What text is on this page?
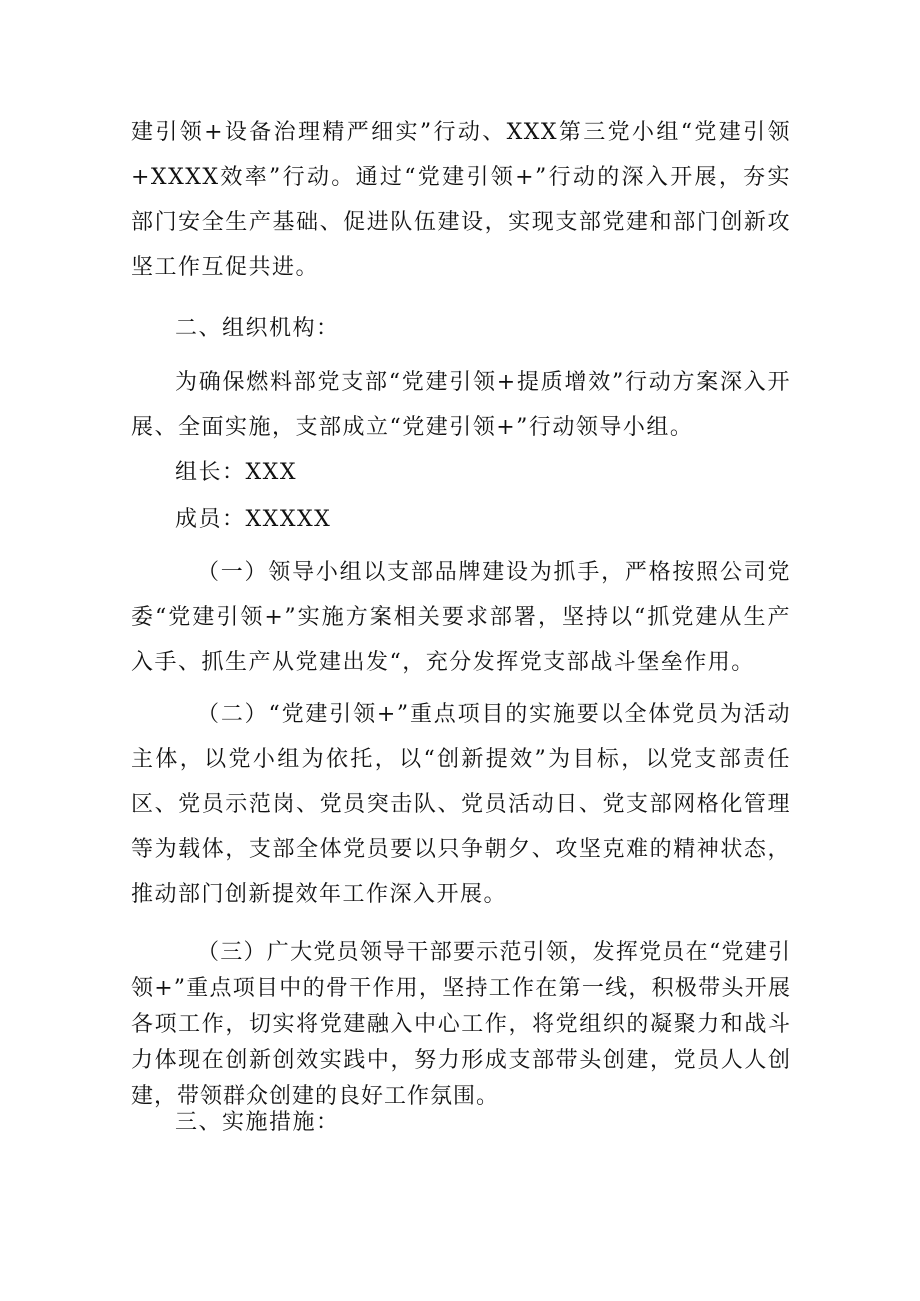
建引领+设备治理精严细实”行动、XXX第三党小组“党建引领+XXXX效率”行动。通过“党建引领+”行动的深入开展，夯实部门安全生产基础、促进队伍建设，实现支部党建和部门创新攻坚工作互促共进。

二、组织机构：

为确保燃料部党支部“党建引领+提质增效”行动方案深入开展、全面实施，支部成立“党建引领+”行动领导小组。

组长：XXX

成员：XXXXX

（一）领导小组以支部品牌建设为抓手，严格按照公司党委“党建引领+”实施方案相关要求部署，坚持以“抓党建从生产入手、抓生产从党建出发“，充分发挥党支部战斗堡垒作用。

（二）“党建引领+”重点项目的实施要以全体党员为活动主体，以党小组为依托，以“创新提效”为目标，以党支部责任区、党员示范岗、党员突击队、党员活动日、党支部网格化管理等为载体，支部全体党员要以只争朝夕、攻坚克难的精神状态，推动部门创新提效年工作深入开展。

（三）广大党员领导干部要示范引领，发挥党员在“党建引领+”重点项目中的骨干作用，坚持工作在第一线，积极带头开展各项工作，切实将党建融入中心工作，将党组织的凝聚力和战斗力体现在创新创效实践中，努力形成支部带头创建，党员人人创建，带领群众创建的良好工作氛围。

三、实施措施：
